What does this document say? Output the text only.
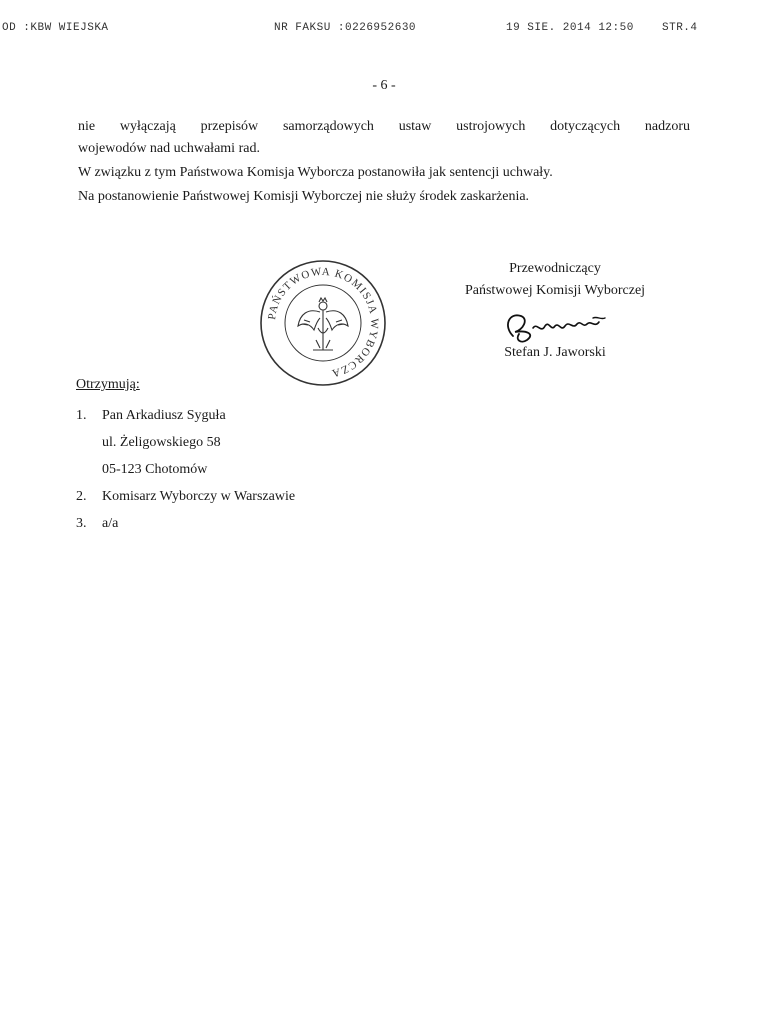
OD :KBW WIEJSKA	NR FAKSU :0226952630	19 SIE. 2014 12:50	STR.4
- 6 -
nie wyłączają przepisów samorządowych ustaw ustrojowych dotyczących nadzoru
wojewodów nad uchwałami rad.
W związku z tym Państwowa Komisja Wyborcza postanowiła jak sentencji uchwały.
Na postanowienie Państwowej Komisji Wyborczej nie służy środek zaskarżenia.
PAŃSTWOWA KOMISJA WYBORCZA
Przewodniczący
Państwowej Komisji Wyborczej
Stefan J. Jaworski
Otrzymują:
1. Pan Arkadiusz Syguła
ul. Żeligowskiego 58
05-123 Chotomów
2. Komisarz Wyborczy w Warszawie
3. a/a
